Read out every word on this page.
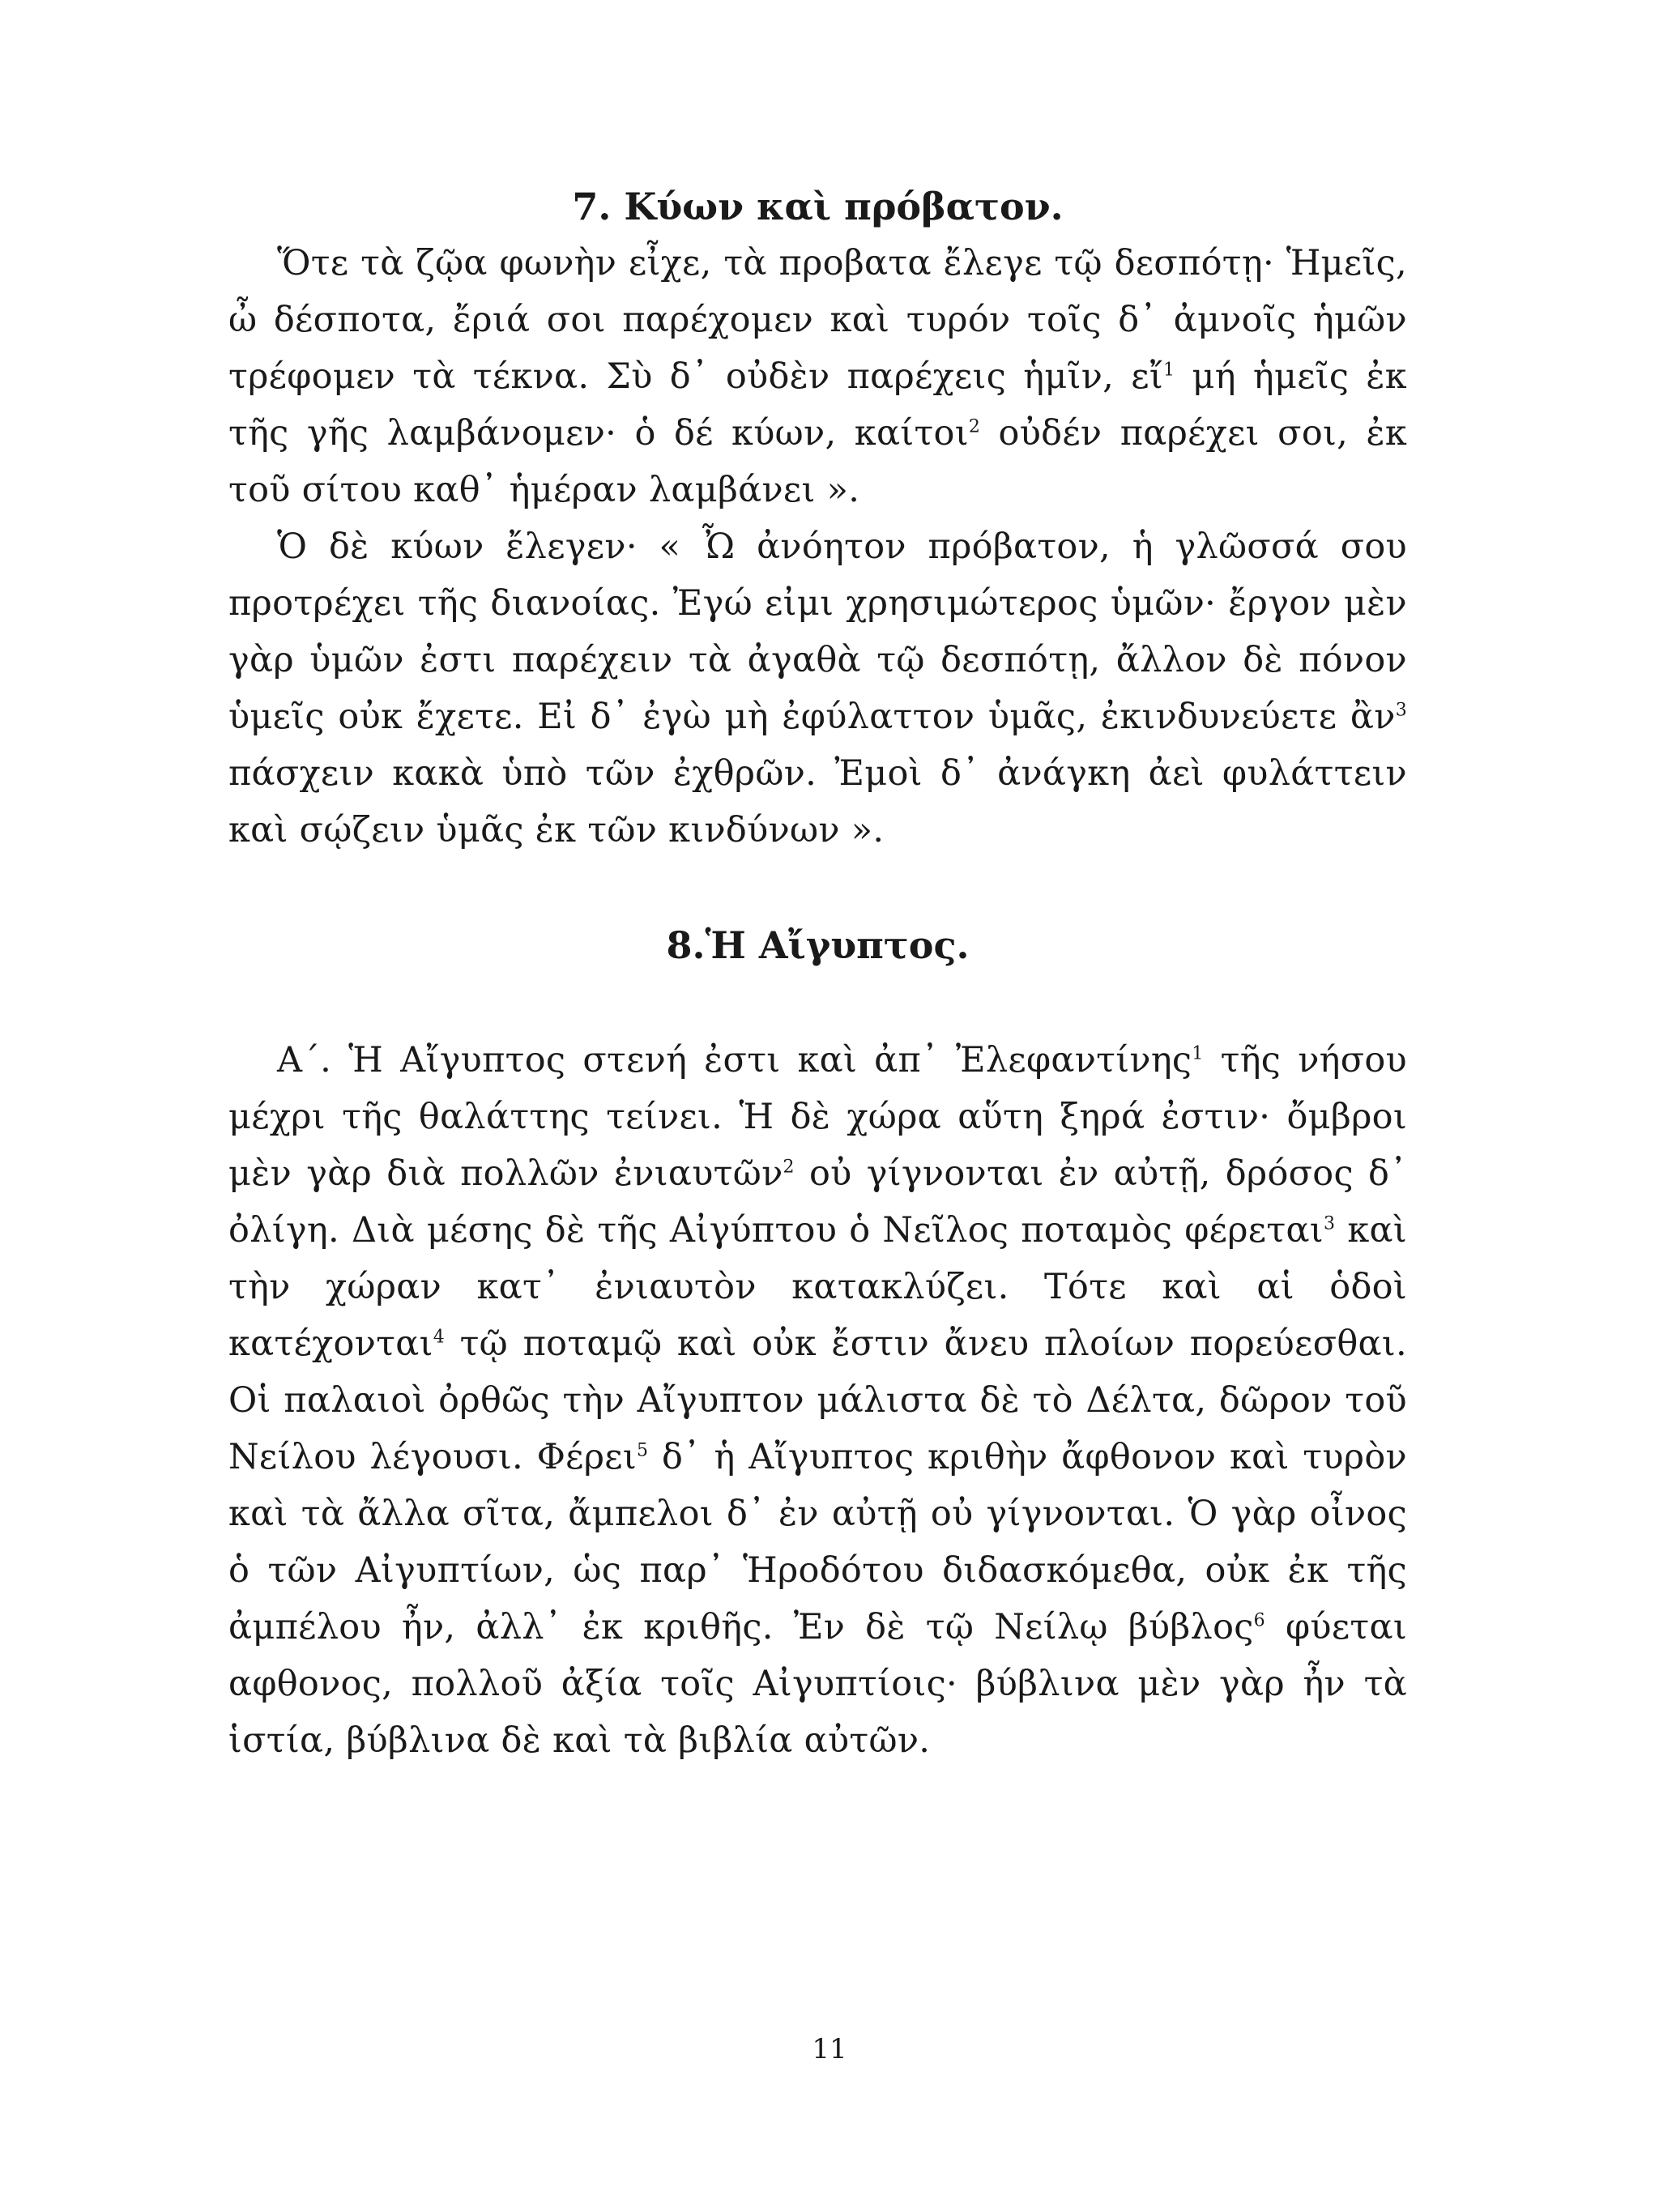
7. Κύων καὶ πρόβατον.

Ὅτε τὰ ζῷα φωνὴν εἶχε, τὰ προβατα ἔλεγε τῷ δεσπότῃ· Ἡμεῖς, ὦ δέσποτα, ἔριά σοι παρέχομεν καὶ τυρόν τοῖς δ᾽ ἀμνοῖς ἡμῶν τρέφομεν τὰ τέκνα. Σὺ δ᾽ οὐδὲν παρέχεις ἡμῖν, εἴ$^1$ μή ἡμεῖς ἐκ τῆς γῆς λαμβάνομεν· ὁ δέ κύων, καίτοι$^2$ οὐδέν παρέχει σοι, ἐκ τοῦ σίτου καθ᾽ ἡμέραν λαμβάνει ».

Ὁ δὲ κύων ἔλεγεν· « Ὦ ἀνόητον πρόβατον, ἡ γλῶσσά σου προτρέχει τῆς διανοίας. Ἐγώ εἰμι χρησιμώτερος ὑμῶν· ἔργον μὲν γὰρ ὑμῶν ἐστι παρέχειν τὰ ἀγαθὰ τῷ δεσπότῃ, ἄλλον δὲ πόνον ὑμεῖς οὐκ ἔχετε. Εἰ δ᾽ ἐγὼ μὴ ἐφύλαττον ὑμᾶς, ἐκινδυνεύετε ἂν$^3$ πάσχειν κακὰ ὑπὸ τῶν ἐχθρῶν. Ἐμοὶ δ᾽ ἀνάγκη ἀεὶ φυλάττειν καὶ σῴζειν ὑμᾶς ἐκ τῶν κινδύνων ».

8.Ἡ Αἴγυπτος.

Α΄. Ἡ Αἴγυπτος στενή ἐστι καὶ ἀπ᾽ Ἐλεφαντίνης$^1$ τῆς νήσου μέχρι τῆς θαλάττης τείνει. Ἡ δὲ χώρα αὕτη ξηρά ἐστιν· ὄμβροι μὲν γὰρ διὰ πολλῶν ἐνιαυτῶν$^2$ οὐ γίγνονται ἐν αὐτῇ, δρόσος δ᾽ ὀλίγη. Διὰ μέσης δὲ τῆς Αἰγύπτου ὁ Νεῖλος ποταμὸς φέρεται$^3$ καὶ τὴν χώραν κατ᾽ ἐνιαυτὸν κατακλύζει. Τότε καὶ αἱ ὁδοὶ κατέχονται$^4$ τῷ ποταμῷ καὶ οὐκ ἔστιν ἄνευ πλοίων πορεύεσθαι. Οἱ παλαιοὶ ὀρθῶς τὴν Αἴγυπτον μάλιστα δὲ τὸ Δέλτα, δῶρον τοῦ Νείλου λέγουσι. Φέρει$^5$ δ᾽ ἡ Αἴγυπτος κριθὴν ἄφθονον καὶ τυρὸν καὶ τὰ ἄλλα σῖτα, ἄμπελοι δ᾽ ἐν αὐτῇ οὐ γίγνονται. Ὁ γὰρ οἶνος ὁ τῶν Αἰγυπτίων, ὡς παρ᾽ Ἡροδότου διδασκόμεθα, οὐκ ἐκ τῆς ἀμπέλου ἦν, ἀλλ᾽ ἐκ κριθῆς. Ἐν δὲ τῷ Νείλῳ βύβλος$^6$ φύεται αφθονος, πολλοῦ ἀξία τοῖς Αἰγυπτίοις· βύβλινα μὲν γὰρ ἦν τὰ ἱστία, βύβλινα δὲ καὶ τὰ βιβλία αὐτῶν.

11
